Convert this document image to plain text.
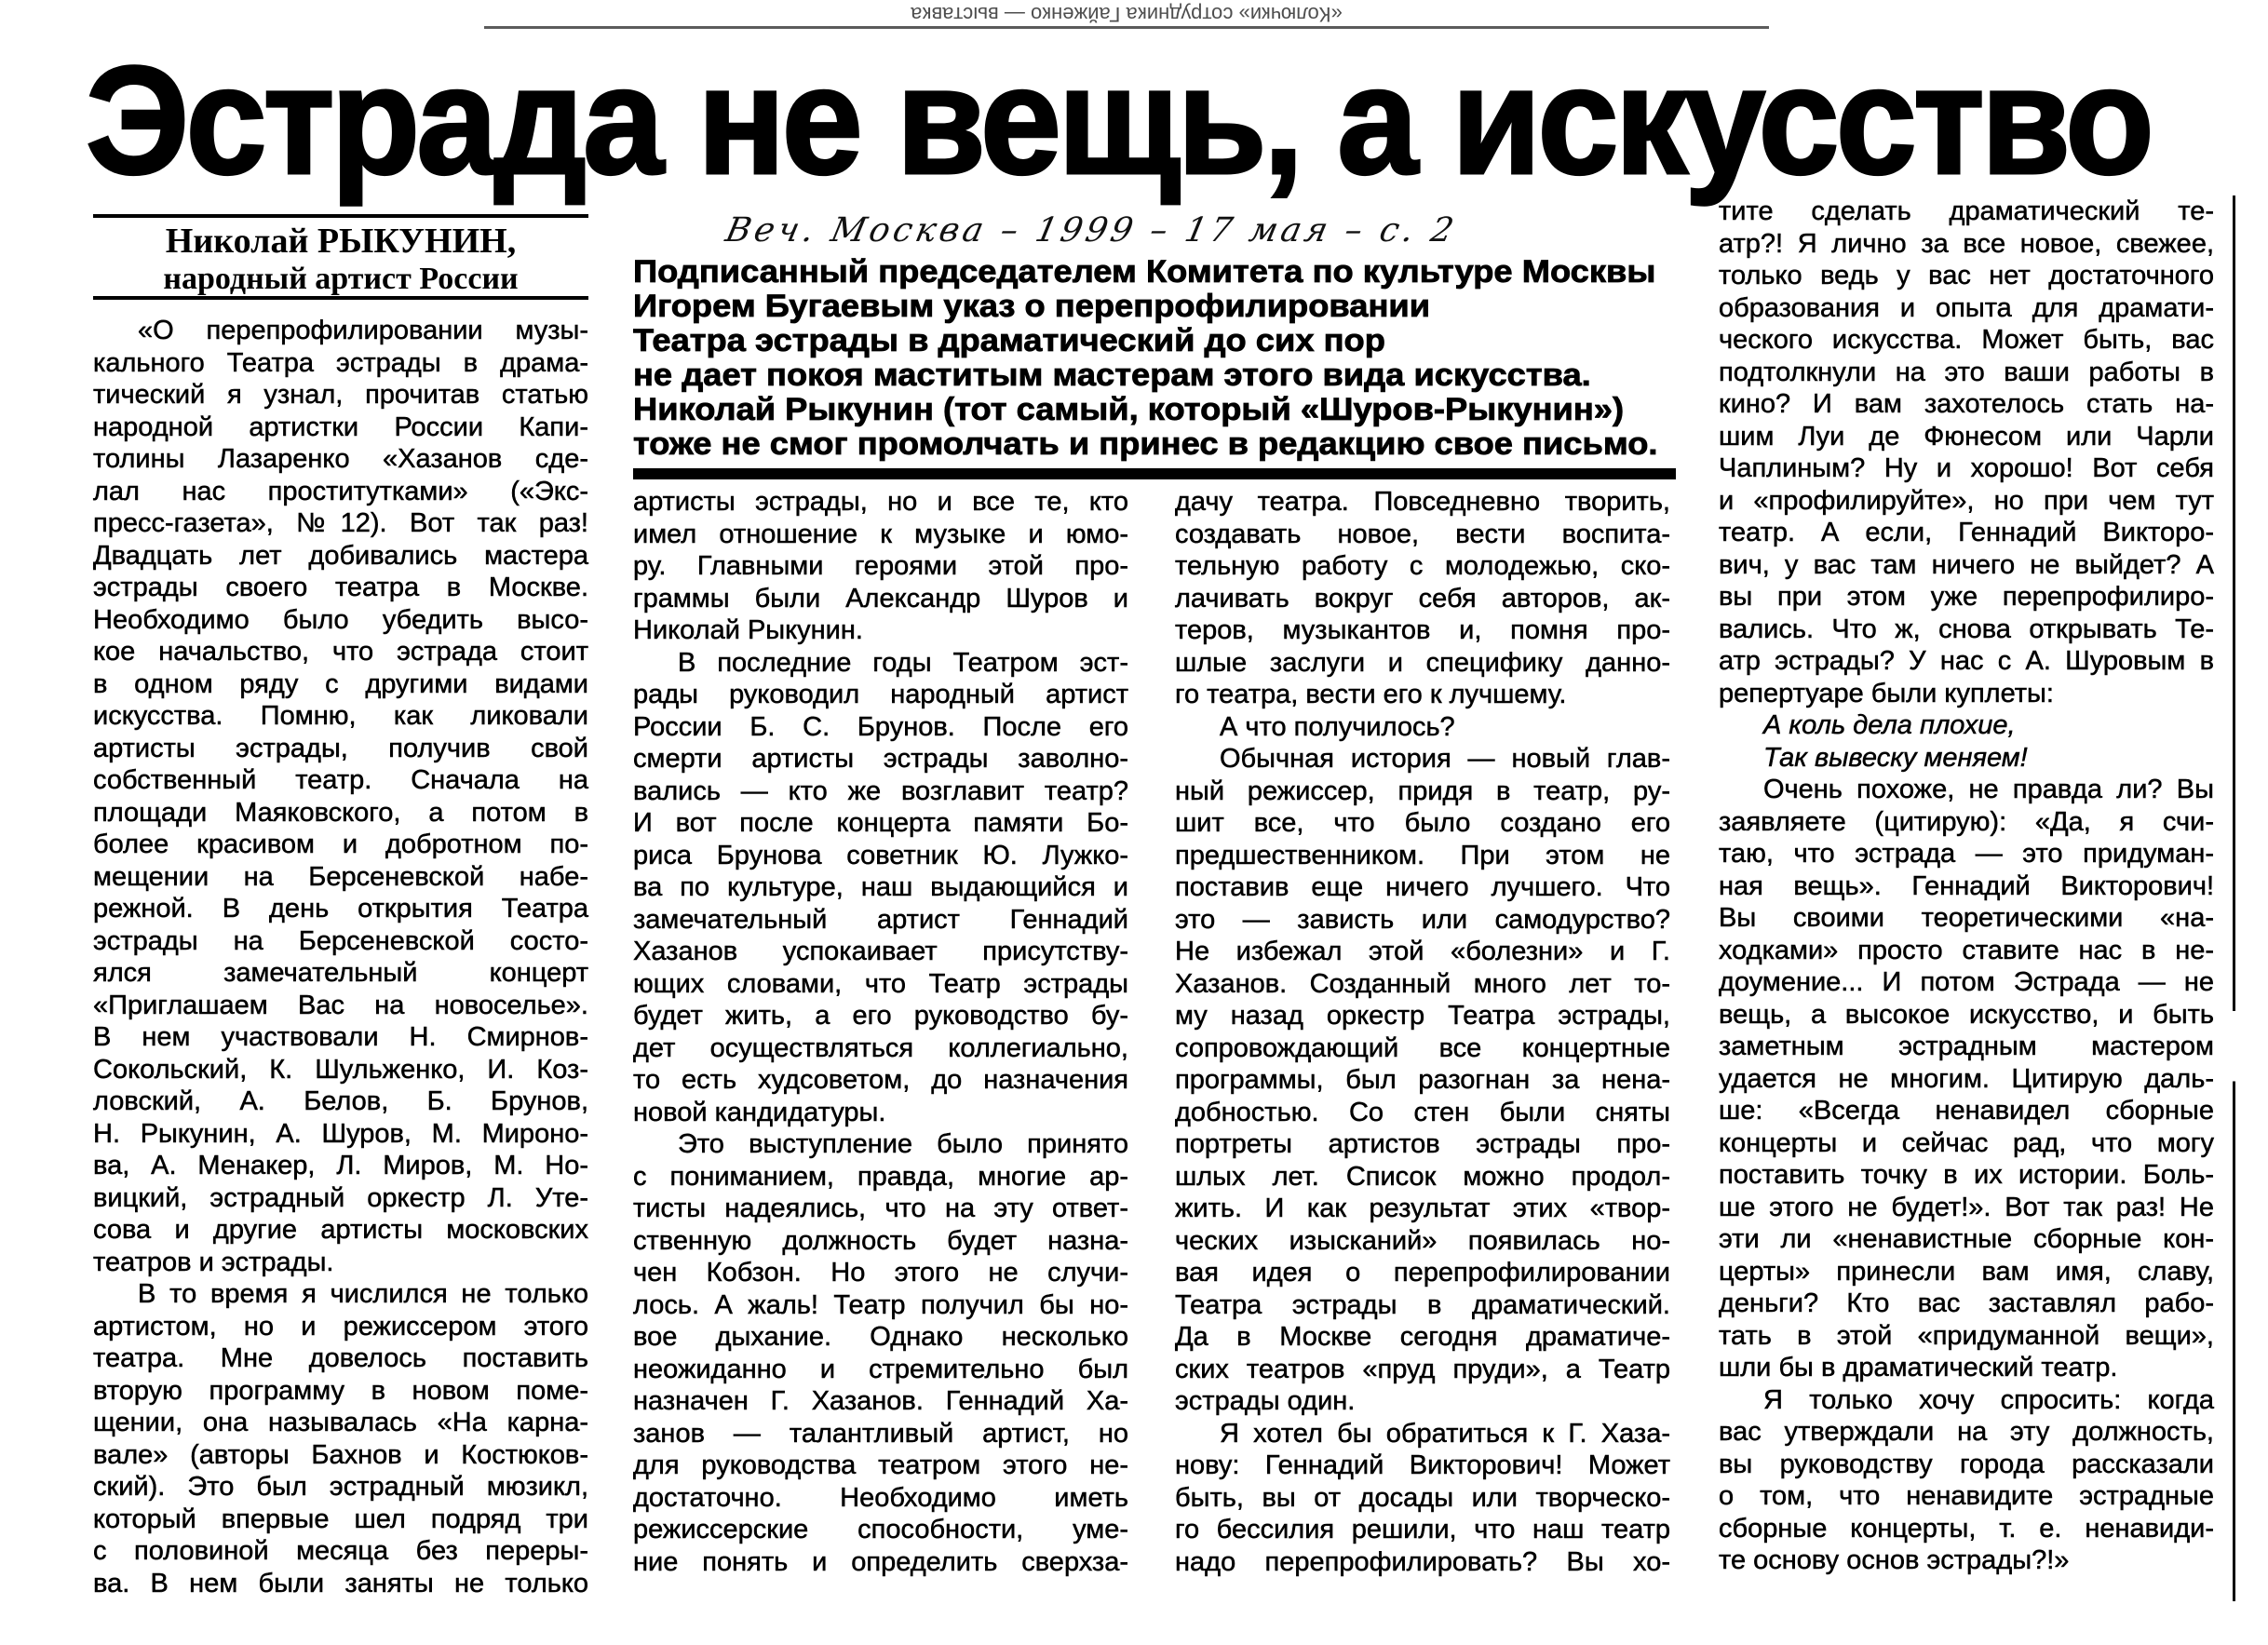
«Колючки» сотрудника Гайженко — выставка
Эстрада не вещь, а искусство
Веч. Москва – 1999 – 17 мая – с. 2
Николай РЫКУНИН,
народный артист России	Подписанный председателем Комитета по культуре Москвы
Игорем Бугаевым указ о перепрофилировании
Театра эстрады в драматический до сих пор
не дает покоя маститым мастерам этого вида искусства.
Николай Рыкунин (тот самый, который «Шуров-Рыкунин»)
тоже не смог промолчать и принес в редакцию свое письмо.
«О перепрофилировании музы-
кального Театра эстрады в драма-
тический я узнал, прочитав статью
народной артистки России Капи-
толины Лазаренко «Хазанов сде-
лал нас проститутками» («Экс-
пресс-газета», №12). Вот так раз!
Двадцать лет добивались мастера
эстрады своего театра в Москве.
Необходимо было убедить высо-
кое начальство, что эстрада стоит
в одном ряду с другими видами
искусства. Помню, как ликовали
артисты эстрады, получив свой
собственный театр. Сначала на
площади Маяковского, а потом в
более красивом и добротном по-
мещении на Берсеневской набе-
режной. В день открытия Театра
эстрады на Берсеневской состо-
ялся замечательный концерт
«Приглашаем Вас на новоселье».
В нем участвовали Н. Смирнов-
Сокольский, К. Шульженко, И. Коз-
ловский, А. Белов, Б. Брунов,
Н. Рыкунин, А. Шуров, М. Мироно-
ва, А. Менакер, Л. Миров, М. Но-
вицкий, эстрадный оркестр Л. Уте-
сова и другие артисты московских
театров и эстрады.
В то время я числился не только
артистом, но и режиссером этого
театра. Мне довелось поставить
вторую программу в новом поме-
щении, она называлась «На карна-
вале» (авторы Бахнов и Костюков-
ский). Это был эстрадный мюзикл,
который впервые шел подряд три
с половиной месяца без переры-
ва. В нем были заняты не только
артисты эстрады, но и все те, кто
имел отношение к музыке и юмо-
ру. Главными героями этой про-
граммы были Александр Шуров и
Николай Рыкунин.
В последние годы Театром эст-
рады руководил народный артист
России Б. С. Брунов. После его
смерти артисты эстрады заволно-
вались — кто же возглавит театр?
И вот после концерта памяти Бо-
риса Брунова советник Ю. Лужко-
ва по культуре, наш выдающийся и
замечательный артист Геннадий
Хазанов успокаивает присутству-
ющих словами, что Театр эстрады
будет жить, а его руководство бу-
дет осуществляться коллегиально,
то есть худсоветом, до назначения
новой кандидатуры.
Это выступление было принято
с пониманием, правда, многие ар-
тисты надеялись, что на эту ответ-
ственную должность будет назна-
чен Кобзон. Но этого не случи-
лось. А жаль! Театр получил бы но-
вое дыхание. Однако несколько
неожиданно и стремительно был
назначен Г. Хазанов. Геннадий Ха-
занов — талантливый артист, но
для руководства театром этого не-
достаточно. Необходимо иметь
режиссерские способности, уме-
ние понять и определить сверхза-
дачу театра. Повседневно творить,
создавать новое, вести воспита-
тельную работу с молодежью, ско-
лачивать вокруг себя авторов, ак-
теров, музыкантов и, помня про-
шлые заслуги и специфику данно-
го театра, вести его к лучшему.
А что получилось?
Обычная история — новый глав-
ный режиссер, придя в театр, ру-
шит все, что было создано его
предшественником. При этом не
поставив еще ничего лучшего. Что
это — зависть или самодурство?
Не избежал этой «болезни» и Г.
Хазанов. Созданный много лет то-
му назад оркестр Театра эстрады,
сопровождающий все концертные
программы, был разогнан за нена-
добностью. Со стен были сняты
портреты артистов эстрады про-
шлых лет. Список можно продол-
жить. И как результат этих «твор-
ческих изысканий» появилась но-
вая идея о перепрофилировании
Театра эстрады в драматический.
Да в Москве сегодня драматиче-
ских театров «пруд пруди», а Театр
эстрады один.
Я хотел бы обратиться к Г. Хаза-
нову: Геннадий Викторович! Может
быть, вы от досады или творческо-
го бессилия решили, что наш театр
надо перепрофилировать? Вы хо-
тите сделать драматический те-
атр?! Я лично за все новое, свежее,
только ведь у вас нет достаточного
образования и опыта для драмати-
ческого искусства. Может быть, вас
подтолкнули на это ваши работы в
кино? И вам захотелось стать на-
шим Луи де Фюнесом или Чарли
Чаплиным? Ну и хорошо! Вот себя
и «профилируйте», но при чем тут
театр. А если, Геннадий Викторо-
вич, у вас там ничего не выйдет? А
вы при этом уже перепрофилиро-
вались. Что ж, снова открывать Те-
атр эстрады? У нас с А. Шуровым в
репертуаре были куплеты:
А коль дела плохие,
Так вывеску меняем!
Очень похоже, не правда ли? Вы
заявляете (цитирую): «Да, я счи-
таю, что эстрада — это придуман-
ная вещь». Геннадий Викторович!
Вы своими теоретическими «на-
ходками» просто ставите нас в не-
доумение... И потом Эстрада — не
вещь, а высокое искусство, и быть
заметным эстрадным мастером
удается не многим. Цитирую даль-
ше: «Всегда ненавидел сборные
концерты и сейчас рад, что могу
поставить точку в их истории. Боль-
ше этого не будет!». Вот так раз! Не
эти ли «ненавистные сборные кон-
церты» принесли вам имя, славу,
деньги? Кто вас заставлял рабо-
тать в этой «придуманной вещи»,
шли бы в драматический театр.
Я только хочу спросить: когда
вас утверждали на эту должность,
вы руководству города рассказали
о том, что ненавидите эстрадные
сборные концерты, т. е. ненавиди-
те основу основ эстрады?!»
